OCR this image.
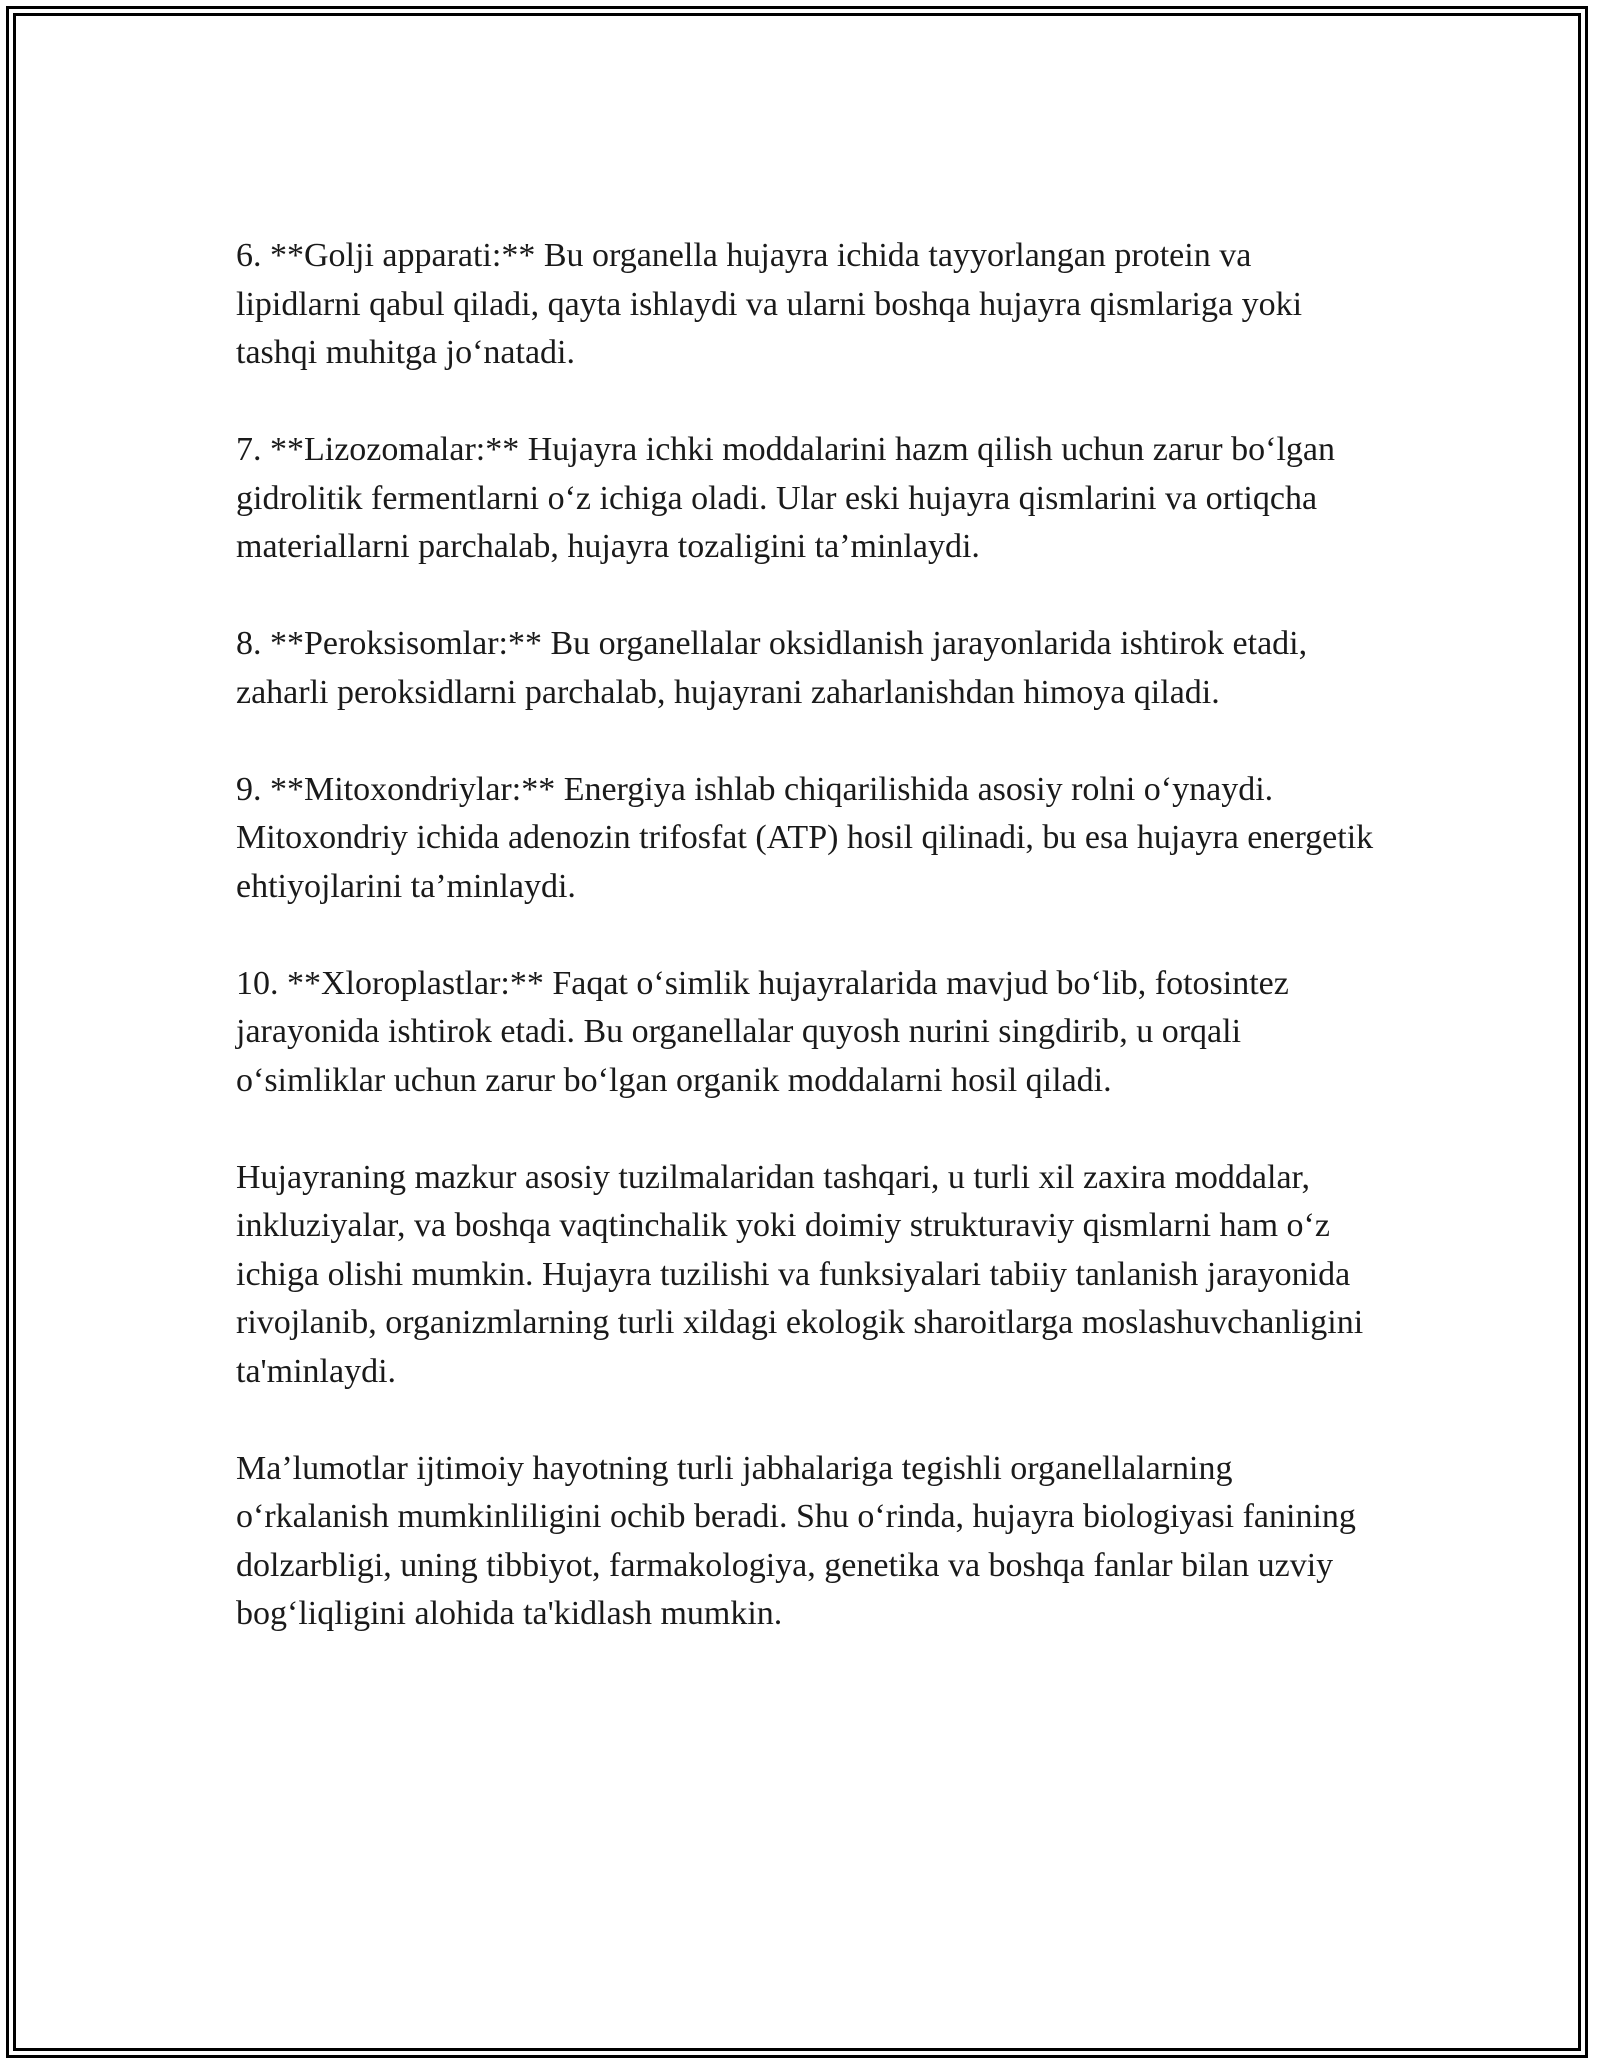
6. **Golji apparati:** Bu organella hujayra ichida tayyorlangan protein va lipidlarni qabul qiladi, qayta ishlaydi va ularni boshqa hujayra qismlariga yoki tashqi muhitga jo‘natadi.

7. **Lizozomalar:** Hujayra ichki moddalarini hazm qilish uchun zarur bo‘lgan gidrolitik fermentlarni o‘z ichiga oladi. Ular eski hujayra qismlarini va ortiqcha materiallarni parchalab, hujayra tozaligini ta’minlaydi.

8. **Peroksisomlar:** Bu organellalar oksidlanish jarayonlarida ishtirok etadi, zaharli peroksidlarni parchalab, hujayrani zaharlanishdan himoya qiladi.

9. **Mitoxondriylar:** Energiya ishlab chiqarilishida asosiy rolni o‘ynaydi. Mitoxondriy ichida adenozin trifosfat (ATP) hosil qilinadi, bu esa hujayra energetik ehtiyojlarini ta’minlaydi.

10. **Xloroplastlar:** Faqat o‘simlik hujayralarida mavjud bo‘lib, fotosintez jarayonida ishtirok etadi. Bu organellalar quyosh nurini singdirib, u orqali o‘simliklar uchun zarur bo‘lgan organik moddalarni hosil qiladi.

Hujayraning mazkur asosiy tuzilmalaridan tashqari, u turli xil zaxira moddalar, inkluziyalar, va boshqa vaqtinchalik yoki doimiy strukturaviy qismlarni ham o‘z ichiga olishi mumkin. Hujayra tuzilishi va funksiyalari tabiiy tanlanish jarayonida rivojlanib, organizmlarning turli xildagi ekologik sharoitlarga moslashuvchanligini ta'minlaydi.

Ma’lumotlar ijtimoiy hayotning turli jabhalariga tegishli organellalarning o‘rkalanish mumkinliligini ochib beradi. Shu o‘rinda, hujayra biologiyasi fanining dolzarbligi, uning tibbiyot, farmakologiya, genetika va boshqa fanlar bilan uzviy bog‘liqligini alohida ta'kidlash mumkin.
